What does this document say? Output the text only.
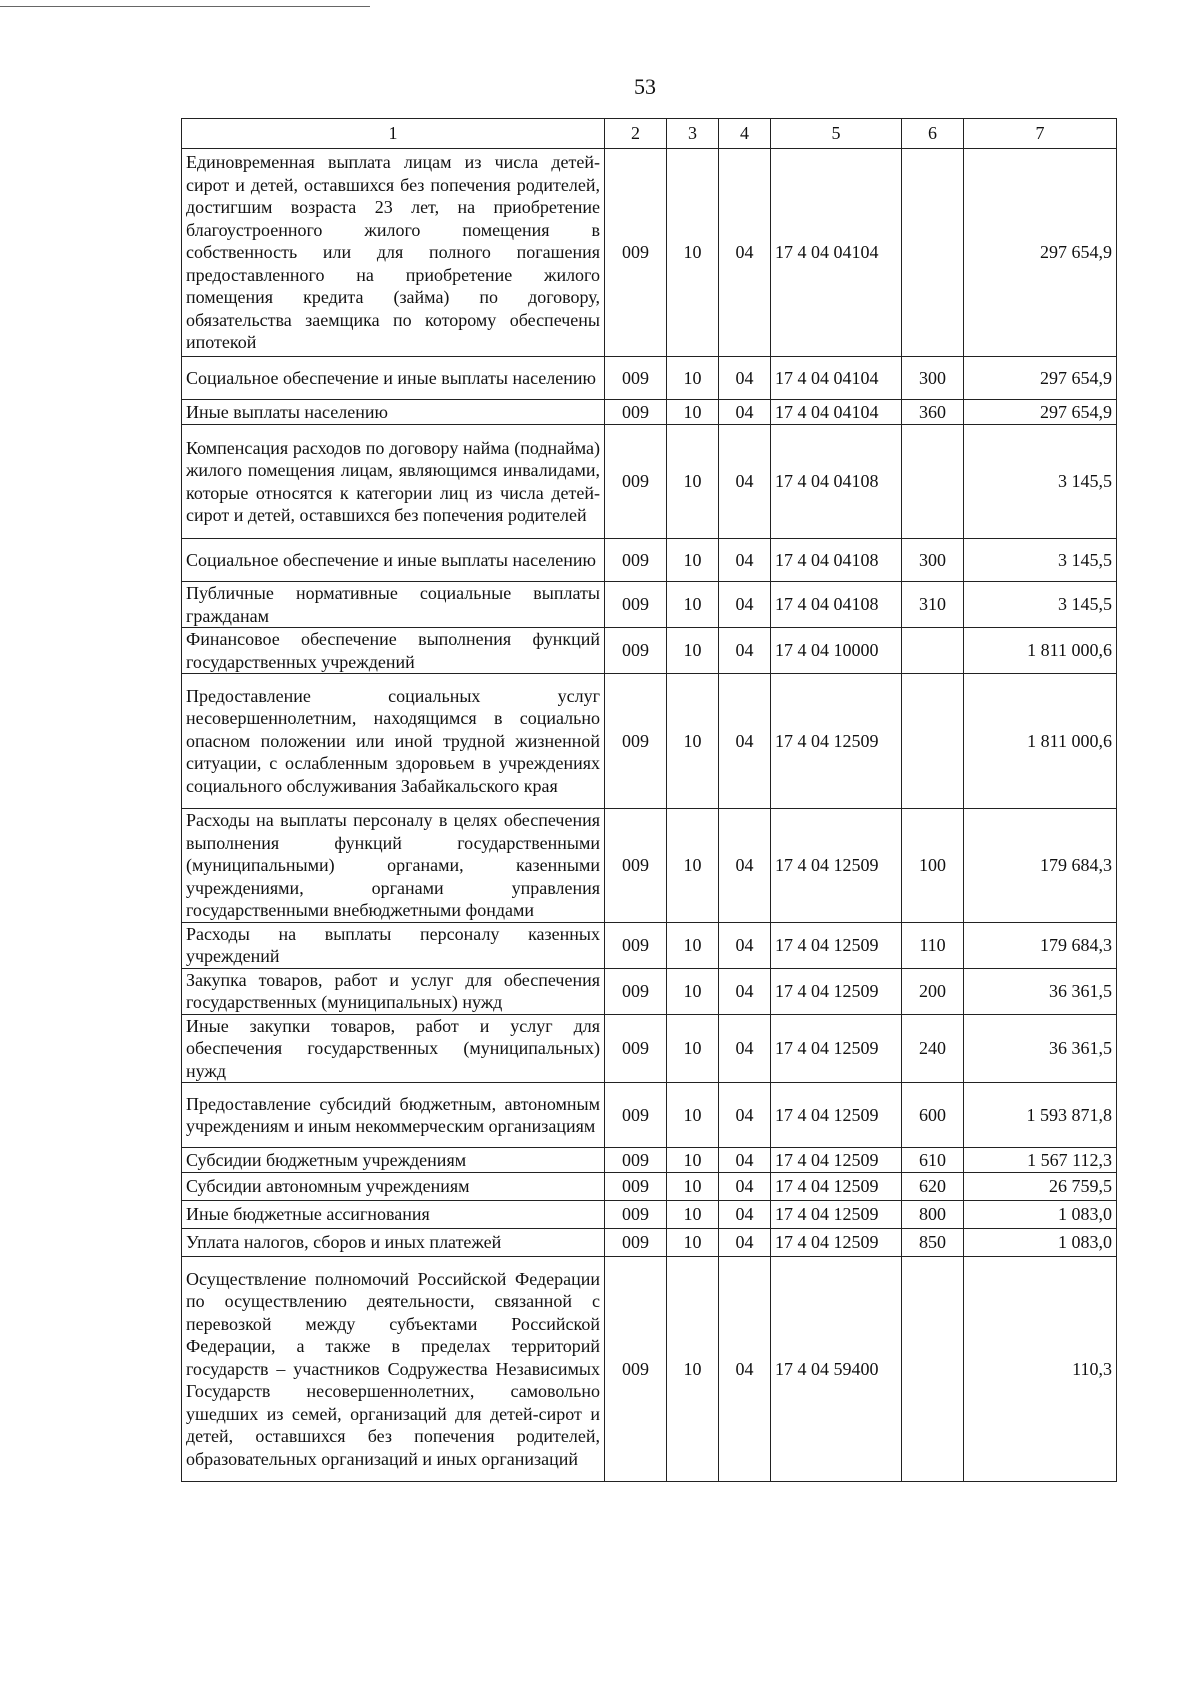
53
1	2	3	4	5	6	7
Единовременная выплата лицам из числа детей-сирот и детей, оставшихся без попечения родителей, достигшим возраста 23 лет, на приобретение благоустроенного жилого помещения в собственность или для полного погашения предоставленного на приобретение жилого помещения кредита (займа) по договору, обязательства заемщика по которому обеспечены ипотекой	009	10	04	17 4 04 04104		297 654,9
Социальное обеспечение и иные выплаты населению	009	10	04	17 4 04 04104	300	297 654,9
Иные выплаты населению	009	10	04	17 4 04 04104	360	297 654,9
Компенсация расходов по договору найма (поднайма) жилого помещения лицам, являющимся инвалидами, которые относятся к категории лиц из числа детей-сирот и детей, оставшихся без попечения родителей	009	10	04	17 4 04 04108		3 145,5
Социальное обеспечение и иные выплаты населению	009	10	04	17 4 04 04108	300	3 145,5
Публичные нормативные социальные выплаты гражданам	009	10	04	17 4 04 04108	310	3 145,5
Финансовое обеспечение выполнения функций государственных учреждений	009	10	04	17 4 04 10000		1 811 000,6
Предоставление социальных услуг несовершеннолетним, находящимся в социально опасном положении или иной трудной жизненной ситуации, с ослабленным здоровьем в учреждениях социального обслуживания Забайкальского края	009	10	04	17 4 04 12509		1 811 000,6
Расходы на выплаты персоналу в целях обеспечения выполнения функций государственными (муниципальными) органами, казенными учреждениями, органами управления государственными внебюджетными фондами	009	10	04	17 4 04 12509	100	179 684,3
Расходы на выплаты персоналу казенных учреждений	009	10	04	17 4 04 12509	110	179 684,3
Закупка товаров, работ и услуг для обеспечения государственных (муниципальных) нужд	009	10	04	17 4 04 12509	200	36 361,5
Иные закупки товаров, работ и услуг для обеспечения государственных (муниципальных) нужд	009	10	04	17 4 04 12509	240	36 361,5
Предоставление субсидий бюджетным, автономным учреждениям и иным некоммерческим организациям	009	10	04	17 4 04 12509	600	1 593 871,8
Субсидии бюджетным учреждениям	009	10	04	17 4 04 12509	610	1 567 112,3
Субсидии автономным учреждениям	009	10	04	17 4 04 12509	620	26 759,5
Иные бюджетные ассигнования	009	10	04	17 4 04 12509	800	1 083,0
Уплата налогов, сборов и иных платежей	009	10	04	17 4 04 12509	850	1 083,0
Осуществление полномочий Российской Федерации по осуществлению деятельности, связанной с перевозкой между субъектами Российской Федерации, а также в пределах территорий государств – участников Содружества Независимых Государств несовершеннолетних, самовольно ушедших из семей, организаций для детей-сирот и детей, оставшихся без попечения родителей, образовательных организаций и иных организаций	009	10	04	17 4 04 59400		110,3
